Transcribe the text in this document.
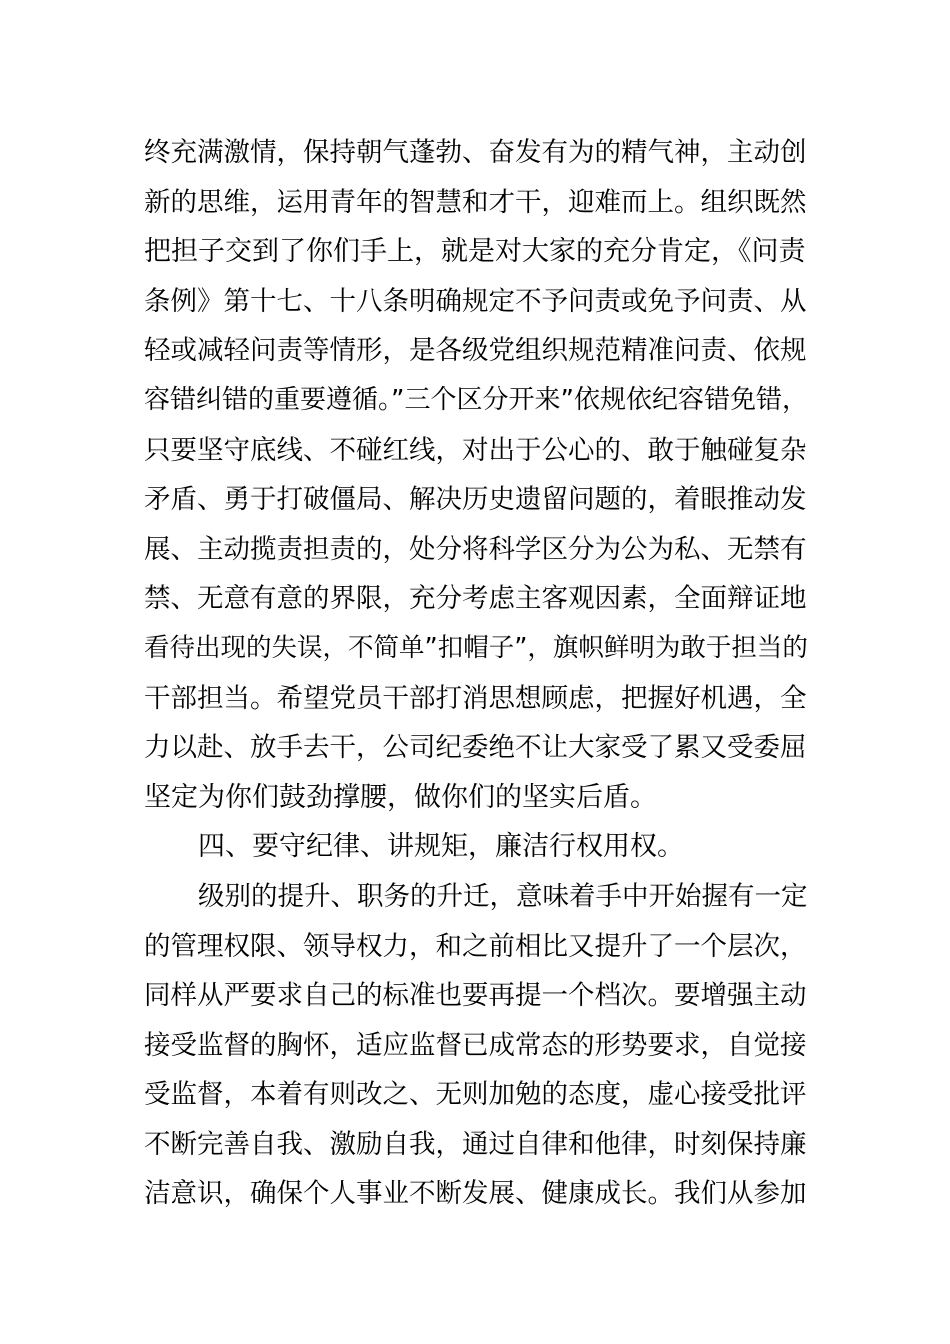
终充满激情，保持朝气蓬勃、奋发有为的精气神，主动创
新的思维，运用青年的智慧和才干，迎难而上。组织既然
把担子交到了你们手上，就是对大家的充分肯定，《问责
条例》第十七、十八条明确规定不予问责或免予问责、从
轻或减轻问责等情形，是各级党组织规范精准问责、依规
容错纠错的重要遵循。”三个区分开来”依规依纪容错免错，
只要坚守底线、不碰红线，对出于公心的、敢于触碰复杂
矛盾、勇于打破僵局、解决历史遗留问题的，着眼推动发
展、主动揽责担责的，处分将科学区分为公为私、无禁有
禁、无意有意的界限，充分考虑主客观因素，全面辩证地
看待出现的失误，不简单”扣帽子”，旗帜鲜明为敢于担当的
干部担当。希望党员干部打消思想顾虑，把握好机遇，全
力以赴、放手去干，公司纪委绝不让大家受了累又受委屈
坚定为你们鼓劲撑腰，做你们的坚实后盾。
四、要守纪律、讲规矩，廉洁行权用权。
级别的提升、职务的升迁，意味着手中开始握有一定
的管理权限、领导权力，和之前相比又提升了一个层次，
同样从严要求自己的标准也要再提一个档次。要增强主动
接受监督的胸怀，适应监督已成常态的形势要求，自觉接
受监督，本着有则改之、无则加勉的态度，虚心接受批评
不断完善自我、激励自我，通过自律和他律，时刻保持廉
洁意识，确保个人事业不断发展、健康成长。我们从参加
